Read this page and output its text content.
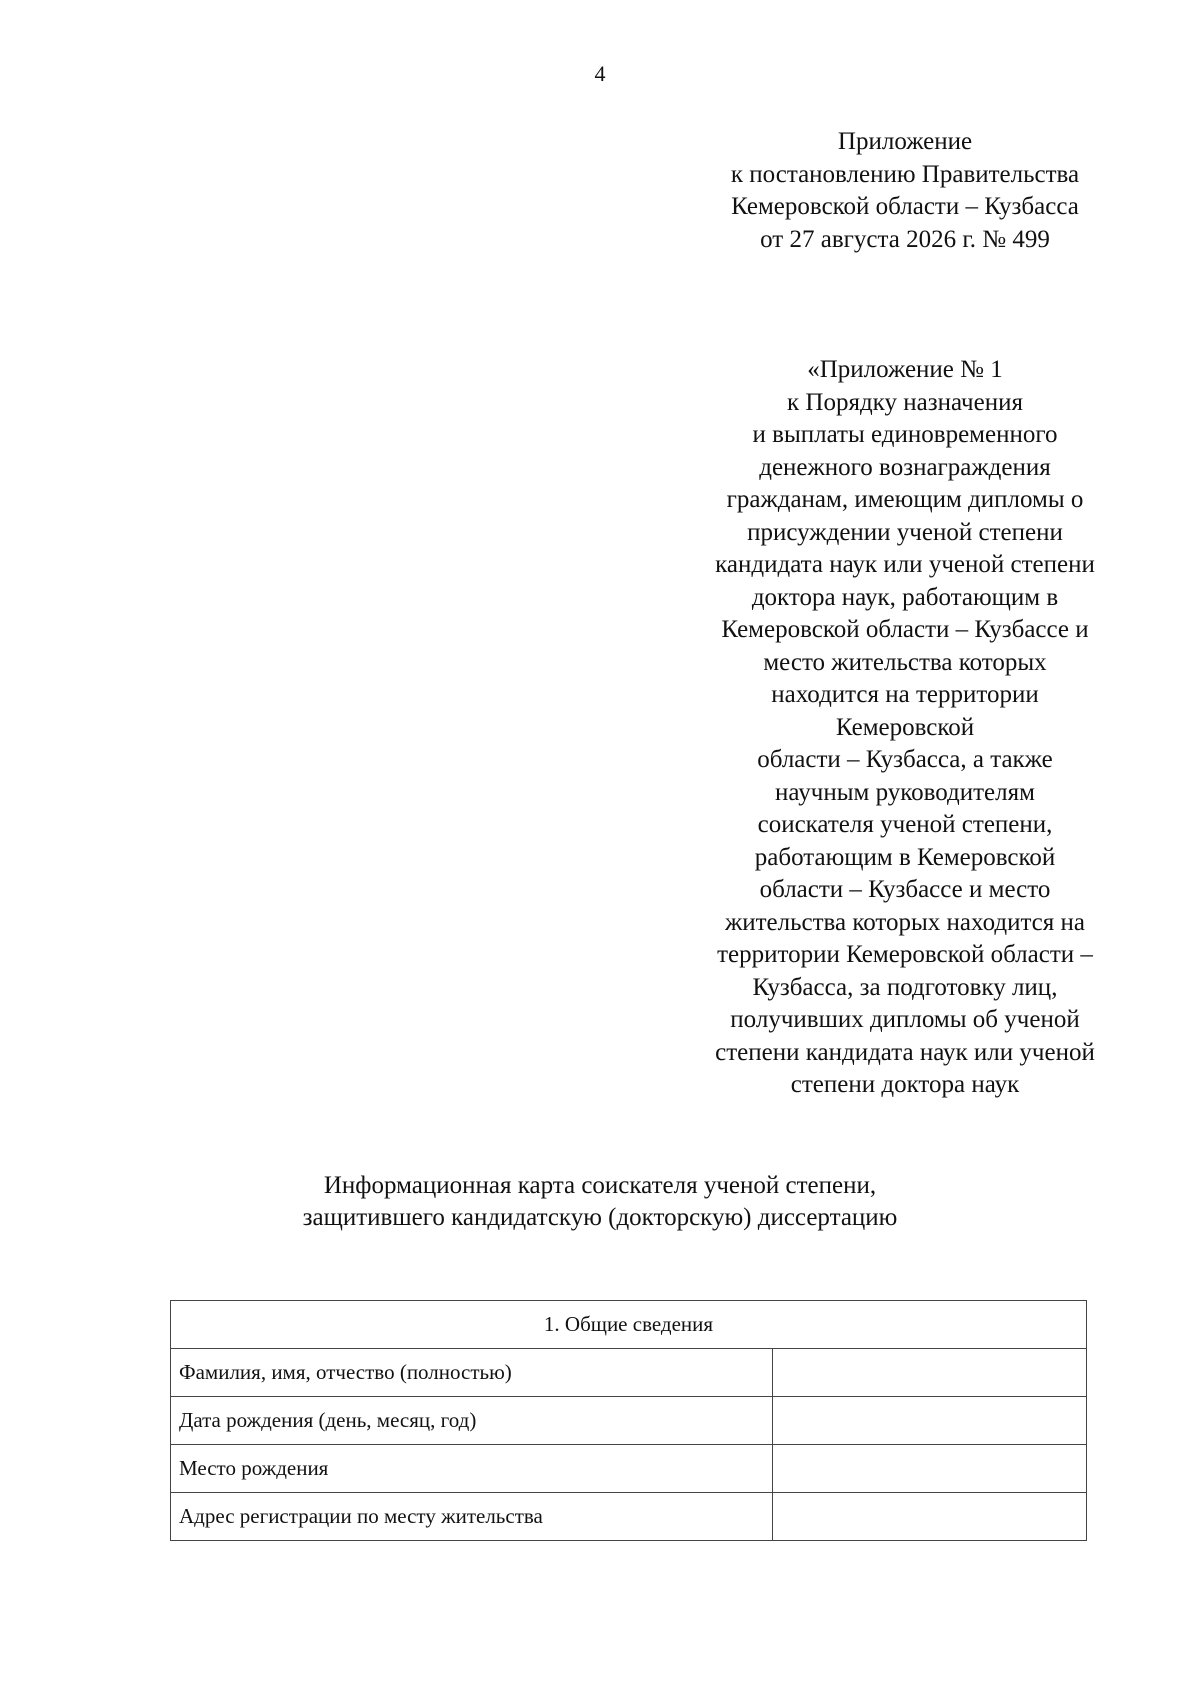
4
Приложение
к постановлению Правительства
Кемеровской области – Кузбасса
от 27 августа 2026 г. № 499
«Приложение № 1
к Порядку назначения
и выплаты единовременного
денежного вознаграждения
гражданам, имеющим дипломы о
присуждении ученой степени
кандидата наук или ученой степени
доктора наук, работающим в
Кемеровской области – Кузбассе и
место жительства которых
находится на территории
Кемеровской
области – Кузбасса, а также
научным руководителям
соискателя ученой степени,
работающим в Кемеровской
области – Кузбассе и место
жительства которых находится на
территории Кемеровской области –
Кузбасса, за подготовку лиц,
получивших дипломы об ученой
степени кандидата наук или ученой
степени доктора наук
Информационная карта соискателя ученой степени,
защитившего кандидатскую (докторскую) диссертацию
1. Общие сведения	
Фамилия, имя, отчество (полностью)	
Дата рождения (день, месяц, год)	
Место рождения	
Адрес регистрации по месту жительства	
